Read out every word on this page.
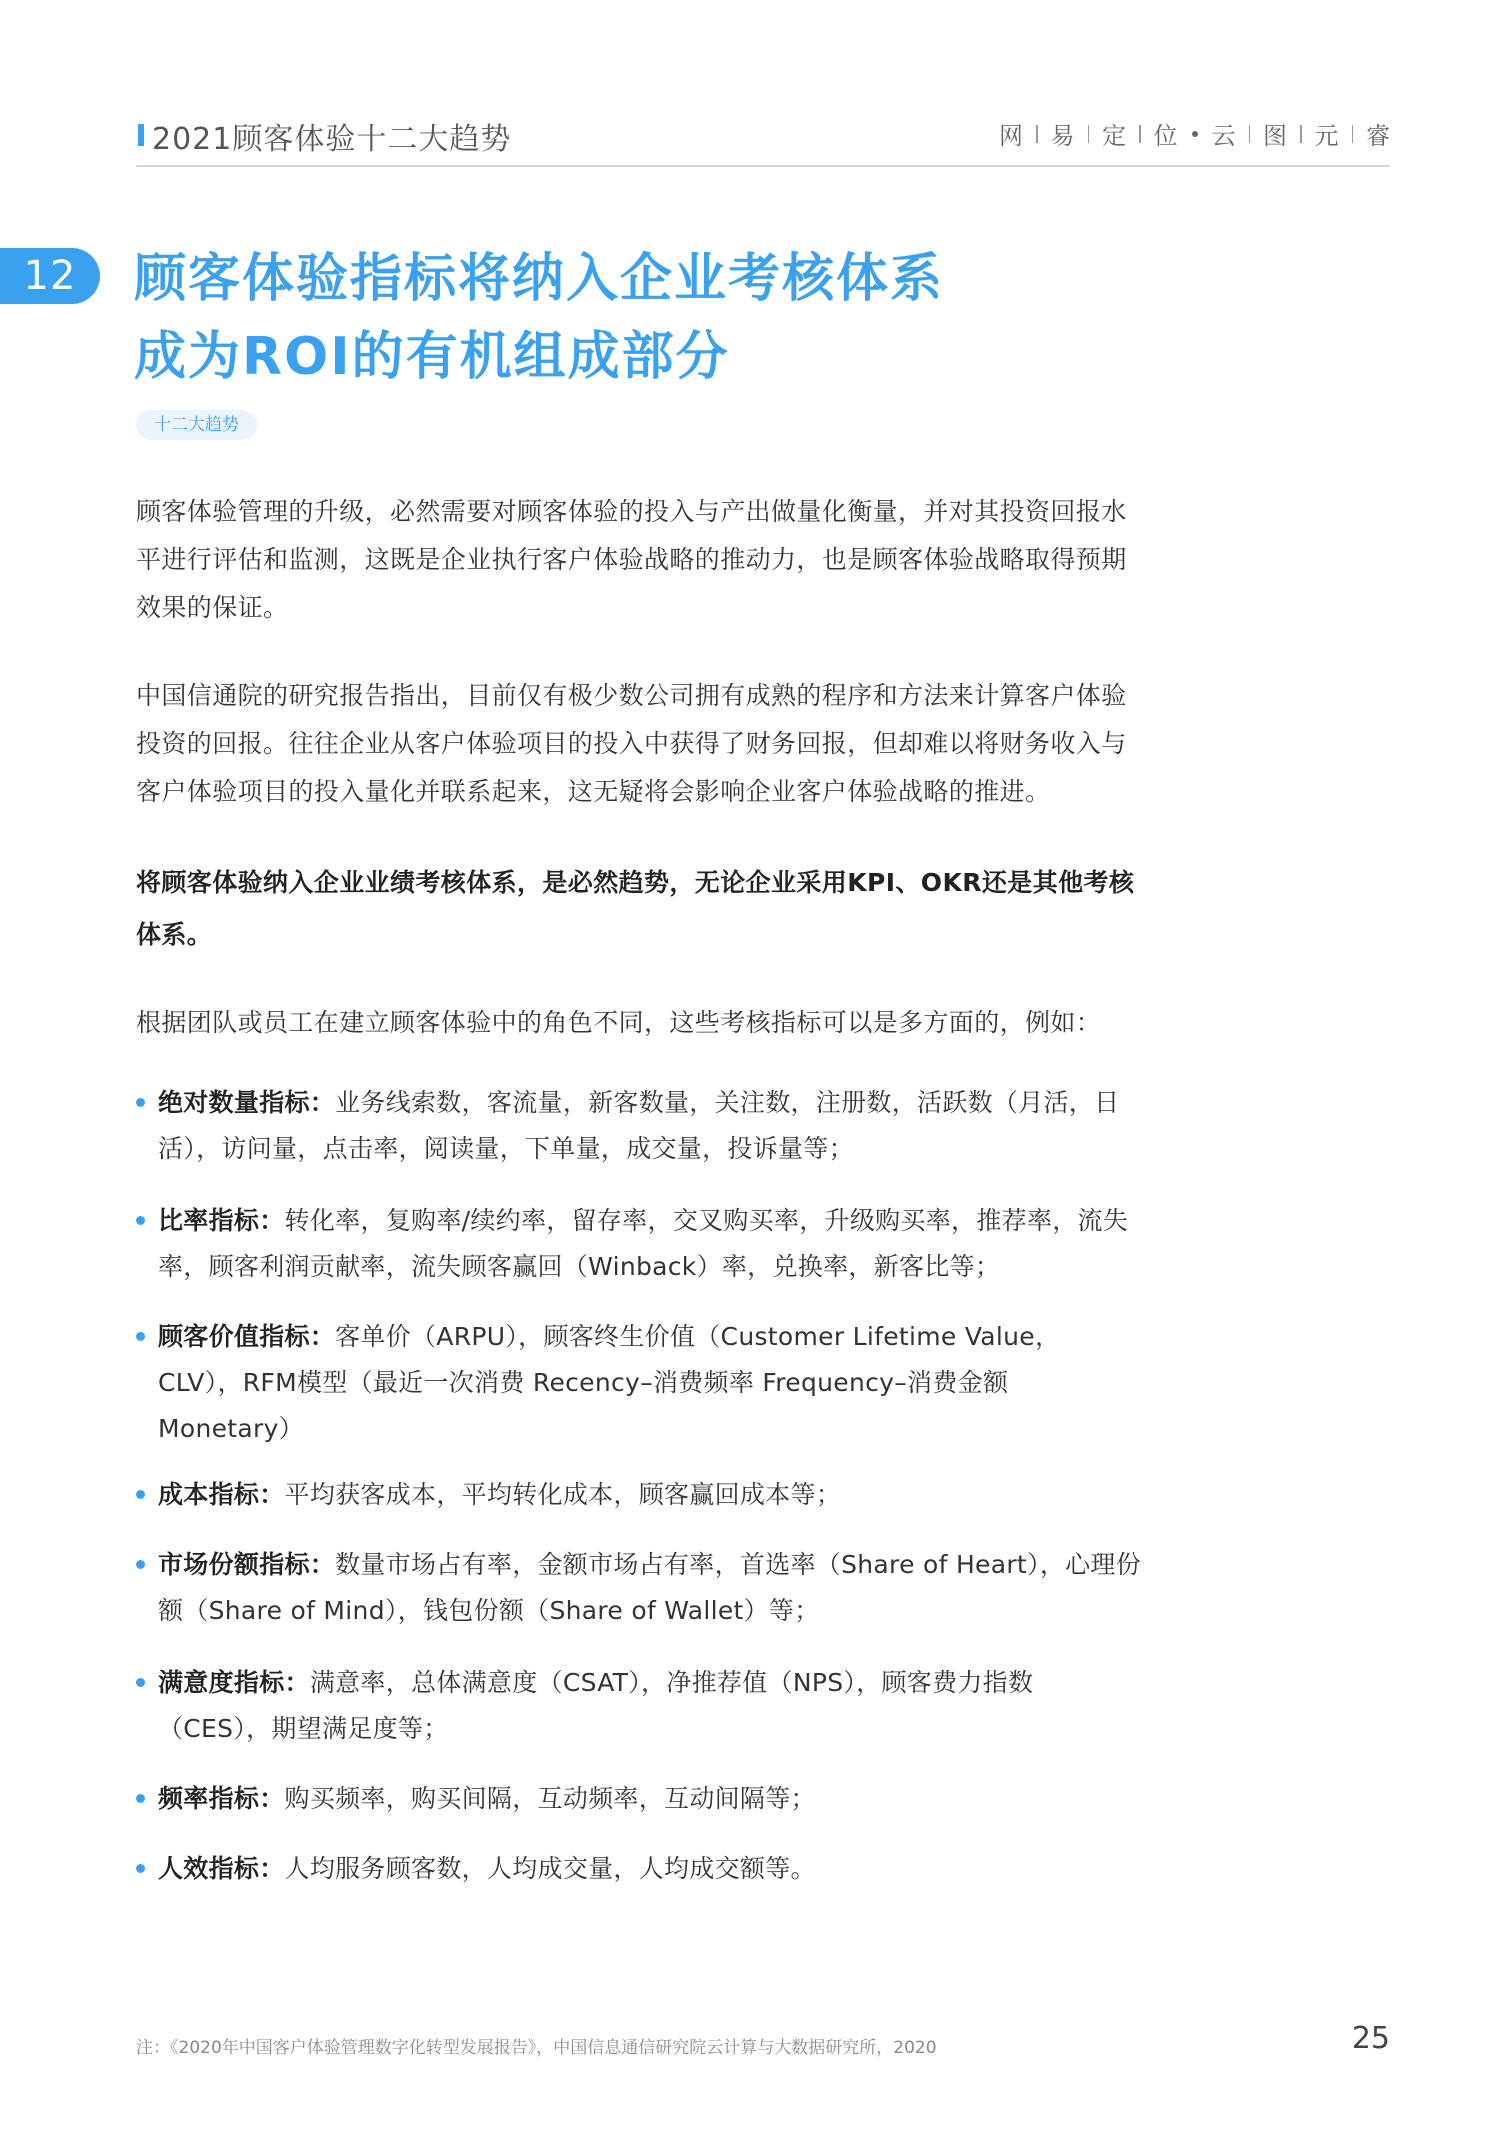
2021顾客体验十二大趋势	网 易 定 位 云 图 元 睿
12	顾客体验指标将纳入企业考核体系
成为ROI的有机组成部分
十二大趋势
顾客体验管理的升级，必然需要对顾客体验的投入与产出做量化衡量，并对其投资回报水平进行评估和监测，这既是企业执行客户体验战略的推动力，也是顾客体验战略取得预期效果的保证。
中国信通院的研究报告指出，目前仅有极少数公司拥有成熟的程序和方法来计算客户体验投资的回报。往往企业从客户体验项目的投入中获得了财务回报，但却难以将财务收入与客户体验项目的投入量化并联系起来，这无疑将会影响企业客户体验战略的推进。
将顾客体验纳入企业业绩考核体系，是必然趋势，无论企业采用KPI、OKR还是其他考核体系。
根据团队或员工在建立顾客体验中的角色不同，这些考核指标可以是多方面的，例如：
绝对数量指标：业务线索数，客流量，新客数量，关注数，注册数，活跃数（月活，日活），访问量，点击率，阅读量，下单量，成交量，投诉量等；
比率指标：转化率，复购率/续约率，留存率，交叉购买率，升级购买率，推荐率，流失率，顾客利润贡献率，流失顾客赢回（Winback）率，兑换率，新客比等；
顾客价值指标：客单价（ARPU），顾客终生价值（Customer Lifetime Value，CLV），RFM模型（最近一次消费 Recency–消费频率 Frequency–消费金额 Monetary）
成本指标：平均获客成本，平均转化成本，顾客赢回成本等；
市场份额指标：数量市场占有率，金额市场占有率，首选率（Share of Heart），心理份额（Share of Mind），钱包份额（Share of Wallet）等；
满意度指标：满意率，总体满意度（CSAT），净推荐值（NPS），顾客费力指数（CES），期望满足度等；
频率指标：购买频率，购买间隔，互动频率，互动间隔等；
人效指标：人均服务顾客数，人均成交量，人均成交额等。
注：《2020年中国客户体验管理数字化转型发展报告》，中国信息通信研究院云计算与大数据研究所，2020	25
